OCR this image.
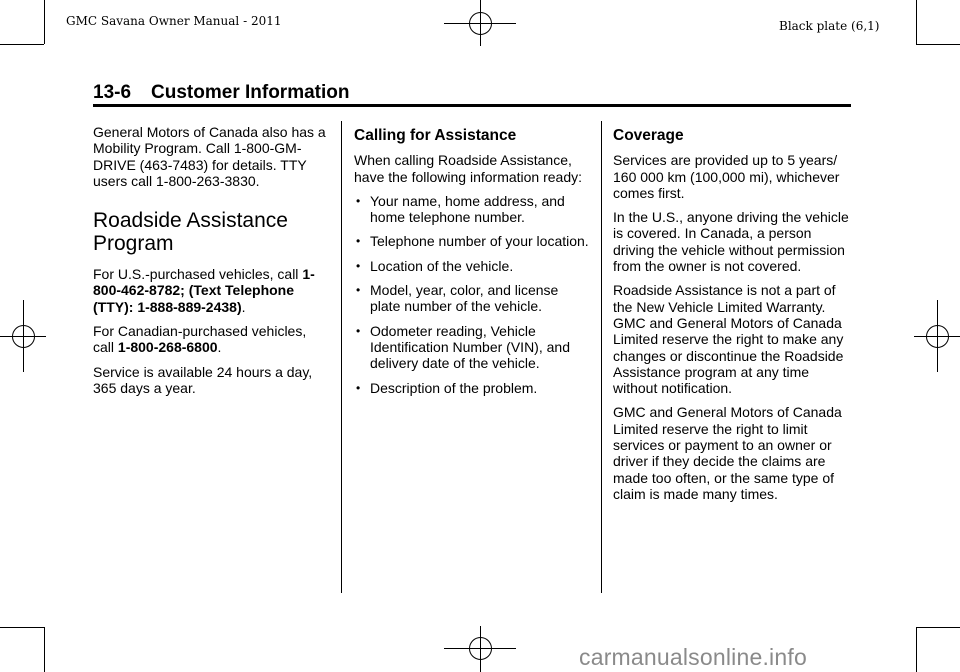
GMC Savana Owner Manual - 2011	Black plate (6,1)
13-6 Customer Information

General Motors of Canada also has a Mobility Program. Call 1-800-GM-DRIVE (463-7483) for details. TTY users call 1-800-263-3830.

Roadside Assistance Program

For U.S.-purchased vehicles, call 1-800-462-8782; (Text Telephone (TTY): 1-888-889-2438).

For Canadian-purchased vehicles, call 1-800-268-6800.

Service is available 24 hours a day, 365 days a year.

Calling for Assistance

When calling Roadside Assistance, have the following information ready:

• Your name, home address, and home telephone number.
• Telephone number of your location.
• Location of the vehicle.
• Model, year, color, and license plate number of the vehicle.
• Odometer reading, Vehicle Identification Number (VIN), and delivery date of the vehicle.
• Description of the problem.
Coverage

Services are provided up to 5 years/ 160 000 km (100,000 mi), whichever comes first.

In the U.S., anyone driving the vehicle is covered. In Canada, a person driving the vehicle without permission from the owner is not covered.

Roadside Assistance is not a part of the New Vehicle Limited Warranty. GMC and General Motors of Canada Limited reserve the right to make any changes or discontinue the Roadside Assistance program at any time without notification.

GMC and General Motors of Canada Limited reserve the right to limit services or payment to an owner or driver if they decide the claims are made too often, or the same type of claim is made many times.

carmanualsonline.info
